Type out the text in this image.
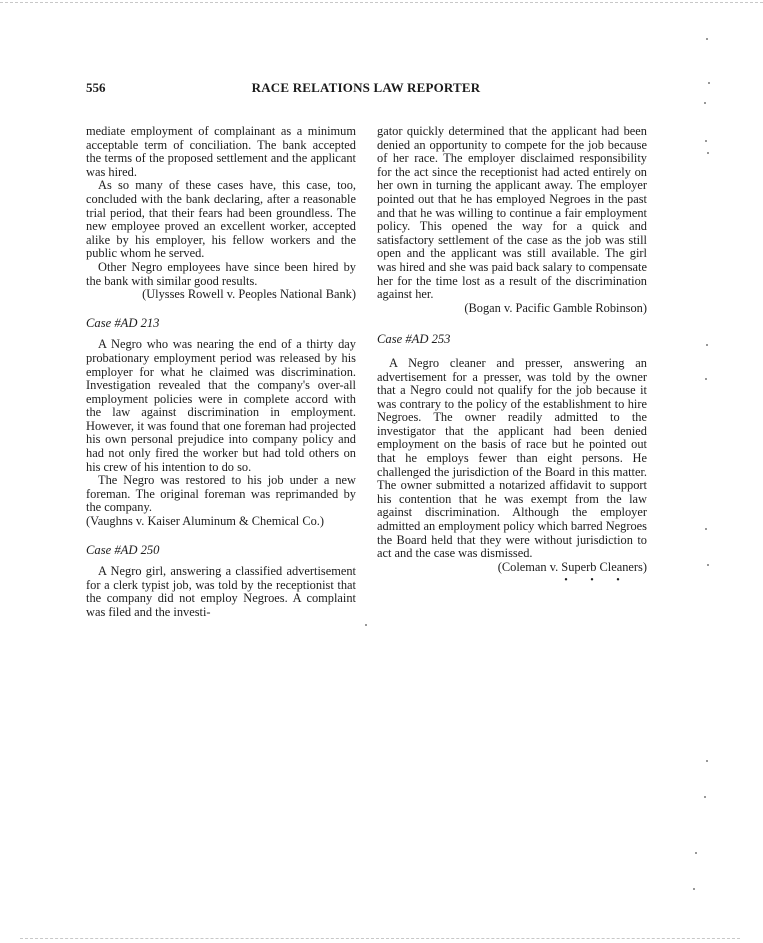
556	RACE RELATIONS LAW REPORTER

mediate employment of complainant as a minimum acceptable term of conciliation. The bank accepted the terms of the proposed settlement and the applicant was hired.

As so many of these cases have, this case, too, concluded with the bank declaring, after a reasonable trial period, that their fears had been groundless. The new employee proved an excellent worker, accepted alike by his employer, his fellow workers and the public whom he served.

Other Negro employees have since been hired by the bank with similar good results.

(Ulysses Rowell v. Peoples National Bank)

Case #AD 213

A Negro who was nearing the end of a thirty day probationary employment period was released by his employer for what he claimed was discrimination. Investigation revealed that the company's over-all employment policies were in complete accord with the law against discrimination in employment. However, it was found that one foreman had projected his own personal prejudice into company policy and had not only fired the worker but had told others on his crew of his intention to do so.

The Negro was restored to his job under a new foreman. The original foreman was reprimanded by the company.

(Vaughns v. Kaiser Aluminum & Chemical Co.)

Case #AD 250

A Negro girl, answering a classified advertisement for a clerk typist job, was told by the receptionist that the company did not employ Negroes. A complaint was filed and the investi-

gator quickly determined that the applicant had been denied an opportunity to compete for the job because of her race. The employer disclaimed responsibility for the act since the receptionist had acted entirely on her own in turning the applicant away. The employer pointed out that he has employed Negroes in the past and that he was willing to continue a fair employment policy. This opened the way for a quick and satisfactory settlement of the case as the job was still open and the applicant was still available. The girl was hired and she was paid back salary to compensate her for the time lost as a result of the discrimination against her.

(Bogan v. Pacific Gamble Robinson)

Case #AD 253

A Negro cleaner and presser, answering an advertisement for a presser, was told by the owner that a Negro could not qualify for the job because it was contrary to the policy of the establishment to hire Negroes. The owner readily admitted to the investigator that the applicant had been denied employment on the basis of race but he pointed out that he employs fewer than eight persons. He challenged the jurisdiction of the Board in this matter. The owner submitted a notarized affidavit to support his contention that he was exempt from the law against discrimination. Although the employer admitted an employment policy which barred Negroes the Board held that they were without jurisdiction to act and the case was dismissed.

(Coleman v. Superb Cleaners)

• • •
